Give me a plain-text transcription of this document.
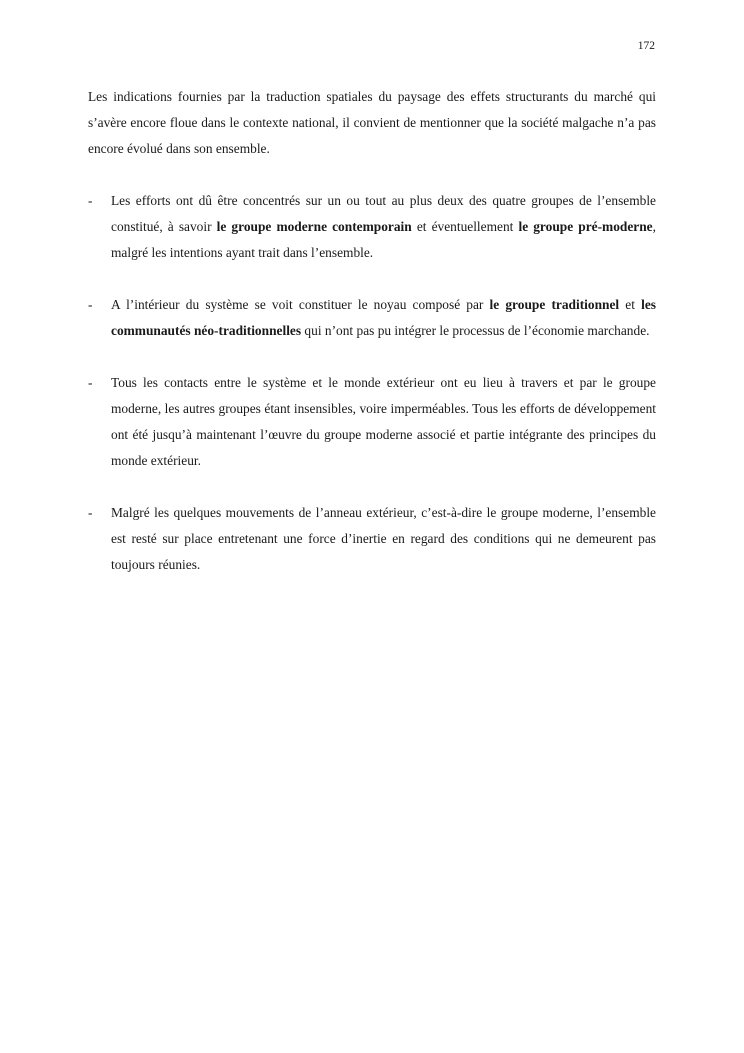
172

Les indications fournies par la traduction spatiales du paysage des effets structurants du marché qui s’avère encore floue dans le contexte national, il convient de mentionner que la société malgache n’a pas encore évolué dans son ensemble.

- Les efforts ont dû être concentrés sur un ou tout au plus deux des quatre groupes de l’ensemble constitué, à savoir le groupe moderne contemporain et éventuellement le groupe pré-moderne, malgré les intentions ayant trait dans l’ensemble.
- A l’intérieur du système se voit constituer le noyau composé par le groupe traditionnel et les communautés néo-traditionnelles qui n’ont pas pu intégrer le processus de l’économie marchande.
- Tous les contacts entre le système et le monde extérieur ont eu lieu à travers et par le groupe moderne, les autres groupes étant insensibles, voire imperméables. Tous les efforts de développement ont été jusqu’à maintenant l’œuvre du groupe moderne associé et partie intégrante des principes du monde extérieur.
- Malgré les quelques mouvements de l’anneau extérieur, c’est-à-dire le groupe moderne, l’ensemble est resté sur place entretenant une force d’inertie en regard des conditions qui ne demeurent pas toujours réunies.
